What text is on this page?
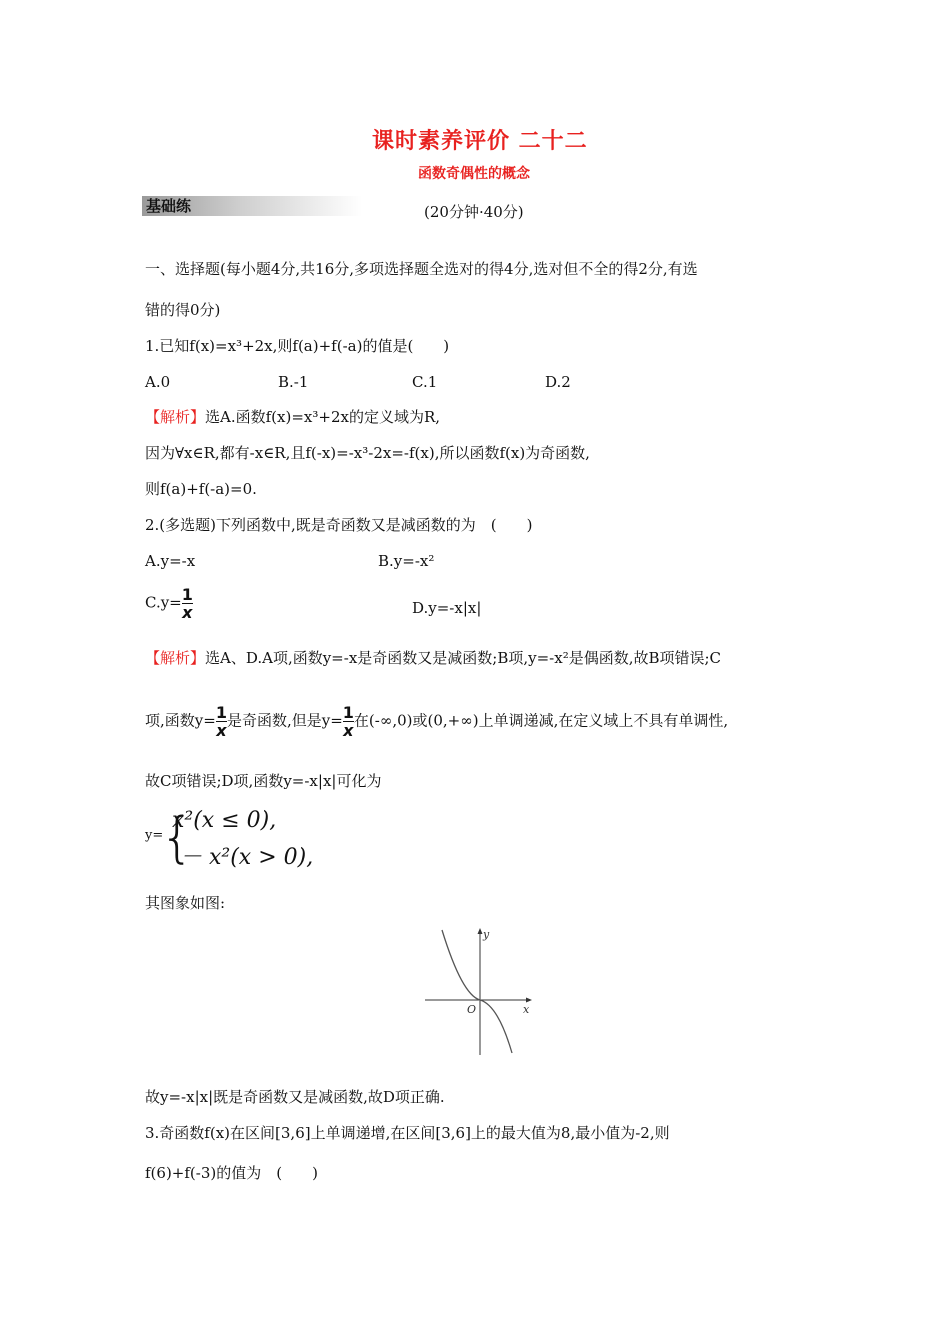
课时素养评价 二十二
函数奇偶性的概念
基础练	(20分钟·40分)
一、选择题(每小题4分,共16分,多项选择题全选对的得4分,选对但不全的得2分,有选
错的得0分)
1.已知f(x)=x³+2x,则f(a)+f(-a)的值是(　　)
A.0	B.-1	C.1	D.2
【解析】选A.函数f(x)=x³+2x的定义域为R,
因为∀x∈R,都有-x∈R,且f(-x)=-x³-2x=-f(x),所以函数f(x)为奇函数,
则f(a)+f(-a)=0.
2.(多选题)下列函数中,既是奇函数又是减函数的为　(　　)
A.y=-x	B.y=-x²
$C.y= \frac{1}{x}$	D.y=-x|x|
【解析】选A、D.A项,函数y=-x是奇函数又是减函数;B项,y=-x²是偶函数,故B项错误;C
项,函数$y= \frac{1}{x}$ 是奇函数,但是$y= \frac{1}{x}$ 在(-∞,0)或(0,+∞)上单调递减,在定义域上不具有单调性,
故C项错误;D项,函数y=-x|x|可化为
y=
{
x²(x ≤ 0),
－ x²(x > 0),
其图象如图:
x
y
O
故y=-x|x|既是奇函数又是减函数,故D项正确.
3.奇函数f(x)在区间[3,6]上单调递增,在区间[3,6]上的最大值为8,最小值为-2,则
f(6)+f(-3)的值为　(　　)
